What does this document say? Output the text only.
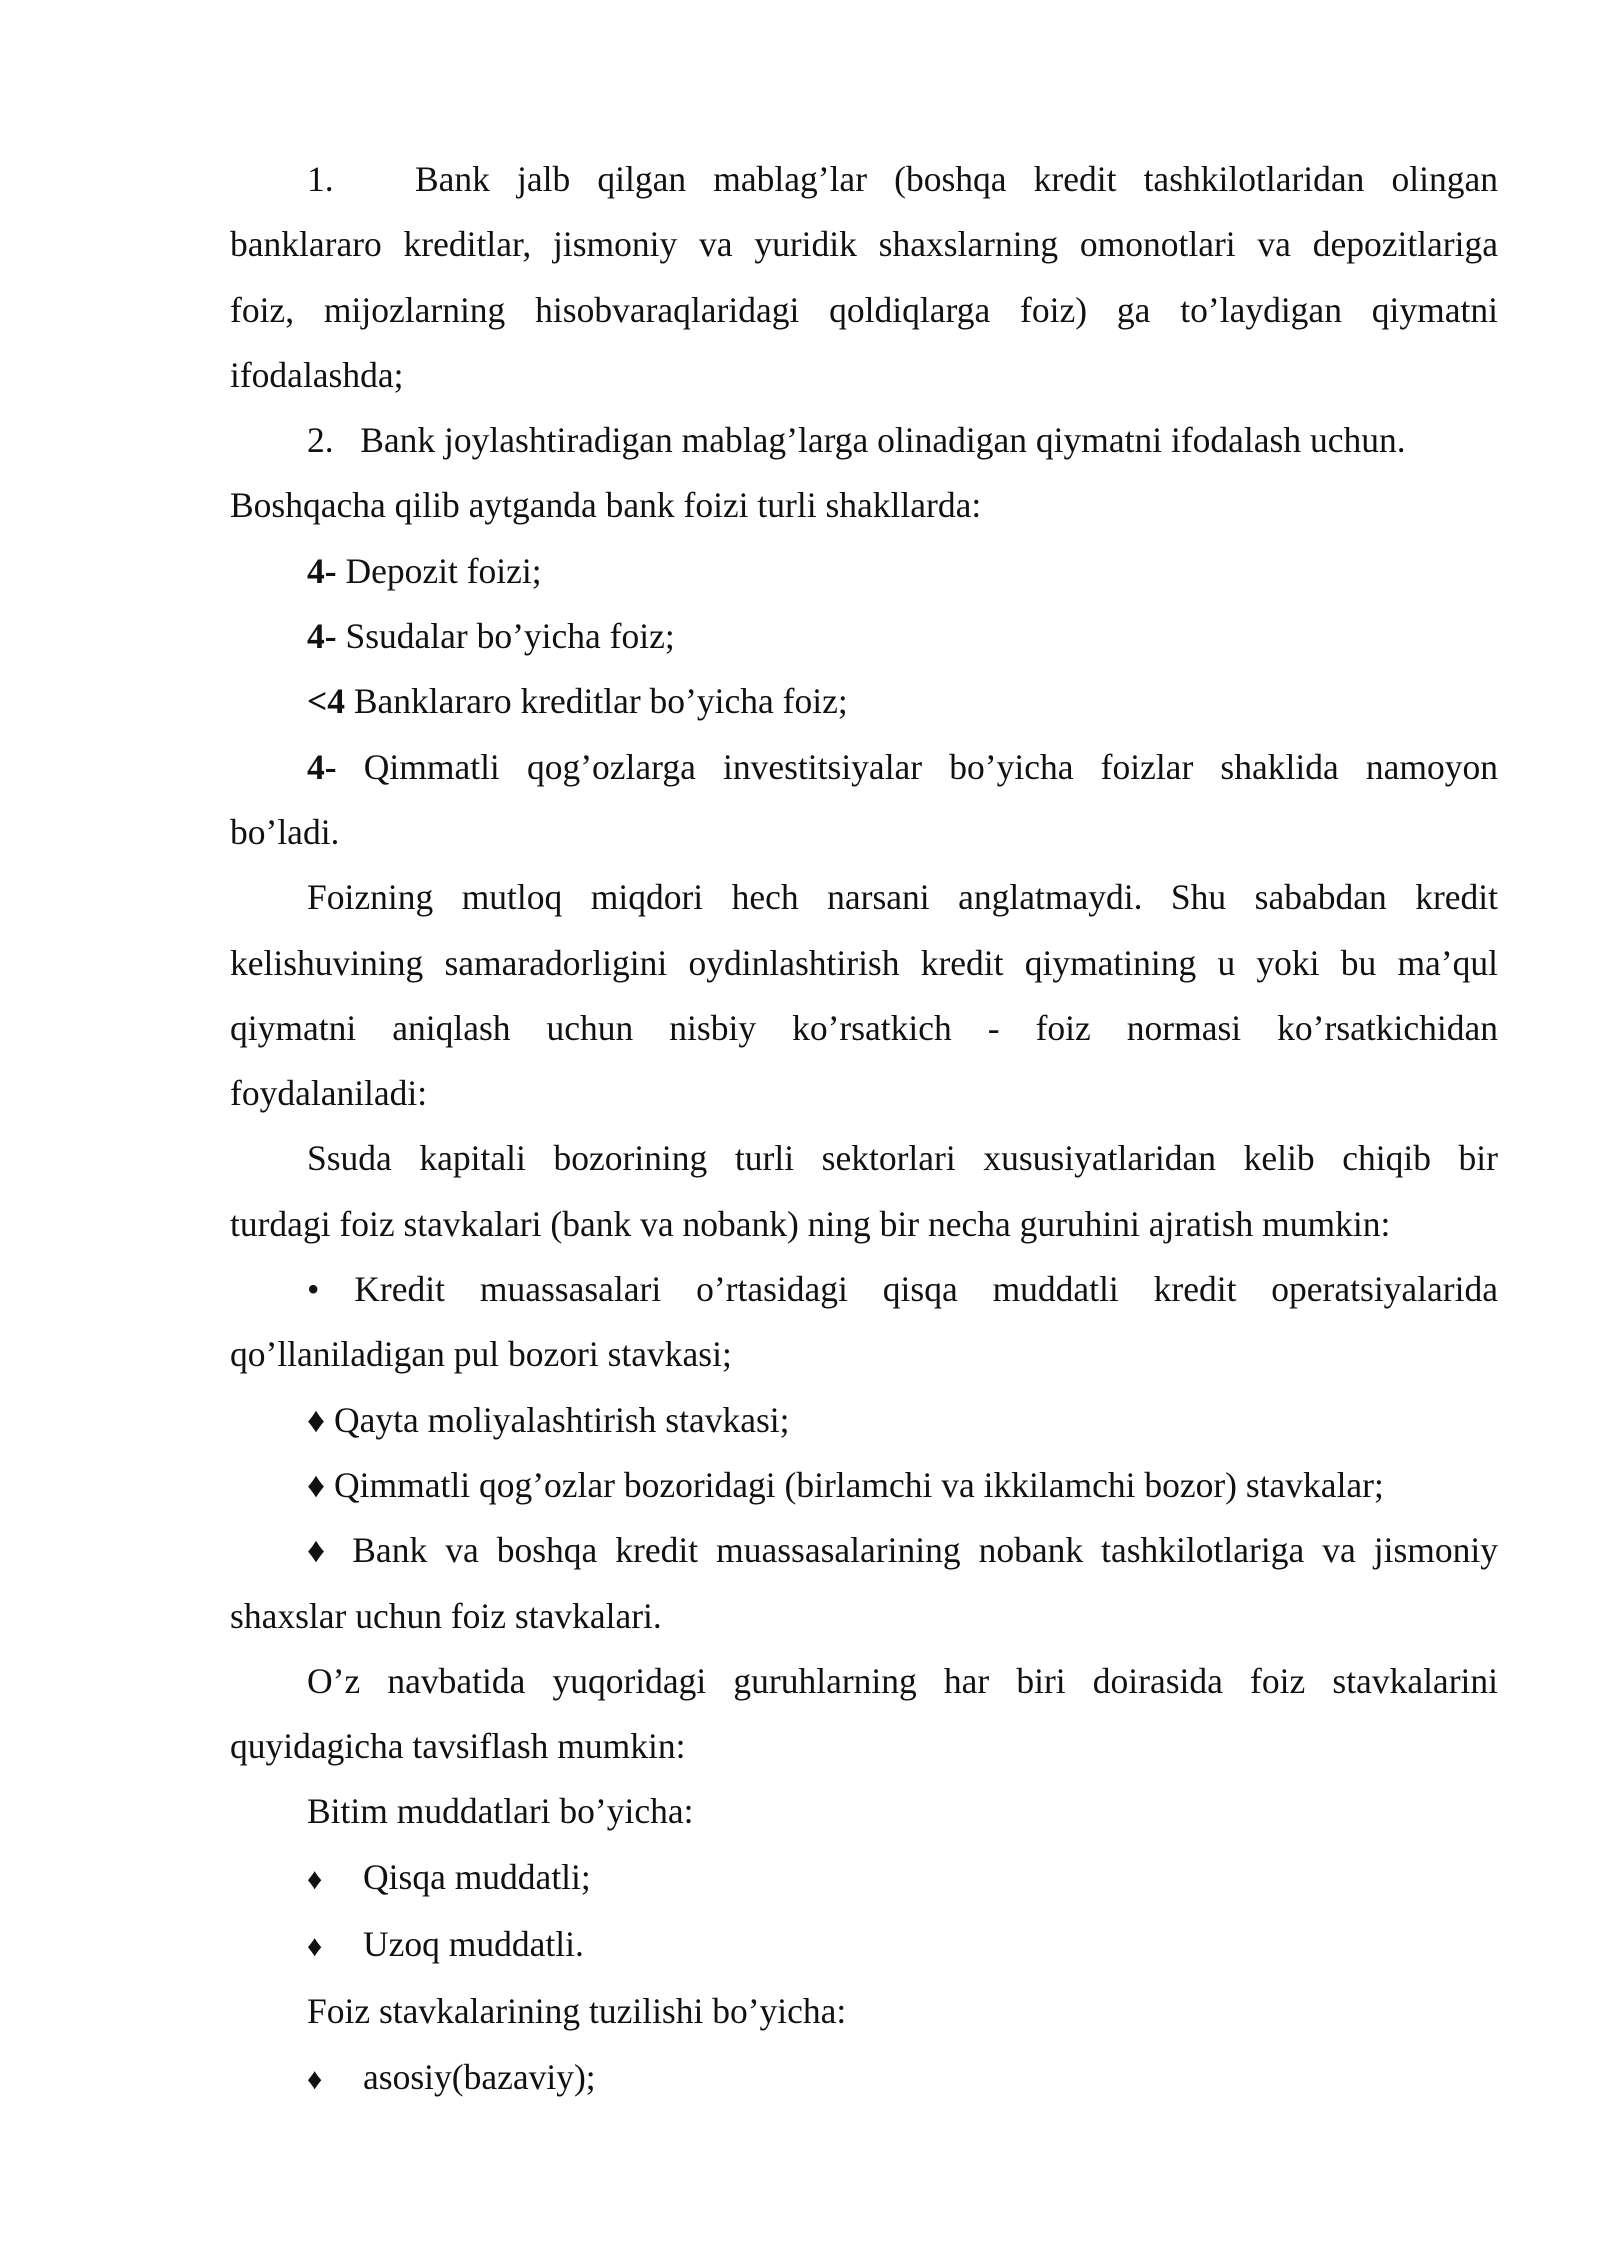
1. Bank jalb qilgan mablag’lar (boshqa kredit tashkilotlaridan olingan

banklararo kreditlar, jismoniy va yuridik shaxslarning omonotlari va depozitlariga

foiz, mijozlarning hisobvaraqlaridagi qoldiqlarga foiz) ga to’laydigan qiymatni

ifodalashda;

2. Bank joylashtiradigan mablag’larga olinadigan qiymatni ifodalash uchun.

Boshqacha qilib aytganda bank foizi turli shakllarda:

4- Depozit foizi;

4- Ssudalar bo’yicha foiz;

<4 Banklararo kreditlar bo’yicha foiz;

4- Qimmatli qog’ozlarga investitsiyalar bo’yicha foizlar shaklida namoyon

bo’ladi.

Foizning mutloq miqdori hech narsani anglatmaydi. Shu sababdan kredit

kelishuvining samaradorligini oydinlashtirish kredit qiymatining u yoki bu ma’qul

qiymatni aniqlash uchun nisbiy ko’rsatkich - foiz normasi ko’rsatkichidan

foydalaniladi:

Ssuda kapitali bozorining turli sektorlari xususiyatlaridan kelib chiqib bir

turdagi foiz stavkalari (bank va nobank) ning bir necha guruhini ajratish mumkin:

• Kredit muassasalari o’rtasidagi qisqa muddatli kredit operatsiyalarida

qo’llaniladigan pul bozori stavkasi;

♦ Qayta moliyalashtirish stavkasi;

♦ Qimmatli qog’ozlar bozoridagi (birlamchi va ikkilamchi bozor) stavkalar;

♦ Bank va boshqa kredit muassasalarining nobank tashkilotlariga va jismoniy

shaxslar uchun foiz stavkalari.

O’z navbatida yuqoridagi guruhlarning har biri doirasida foiz stavkalarini

quyidagicha tavsiflash mumkin:

Bitim muddatlari bo’yicha:

♦ Qisqa muddatli;

♦ Uzoq muddatli.

Foiz stavkalarining tuzilishi bo’yicha:

♦ asosiy(bazaviy);
